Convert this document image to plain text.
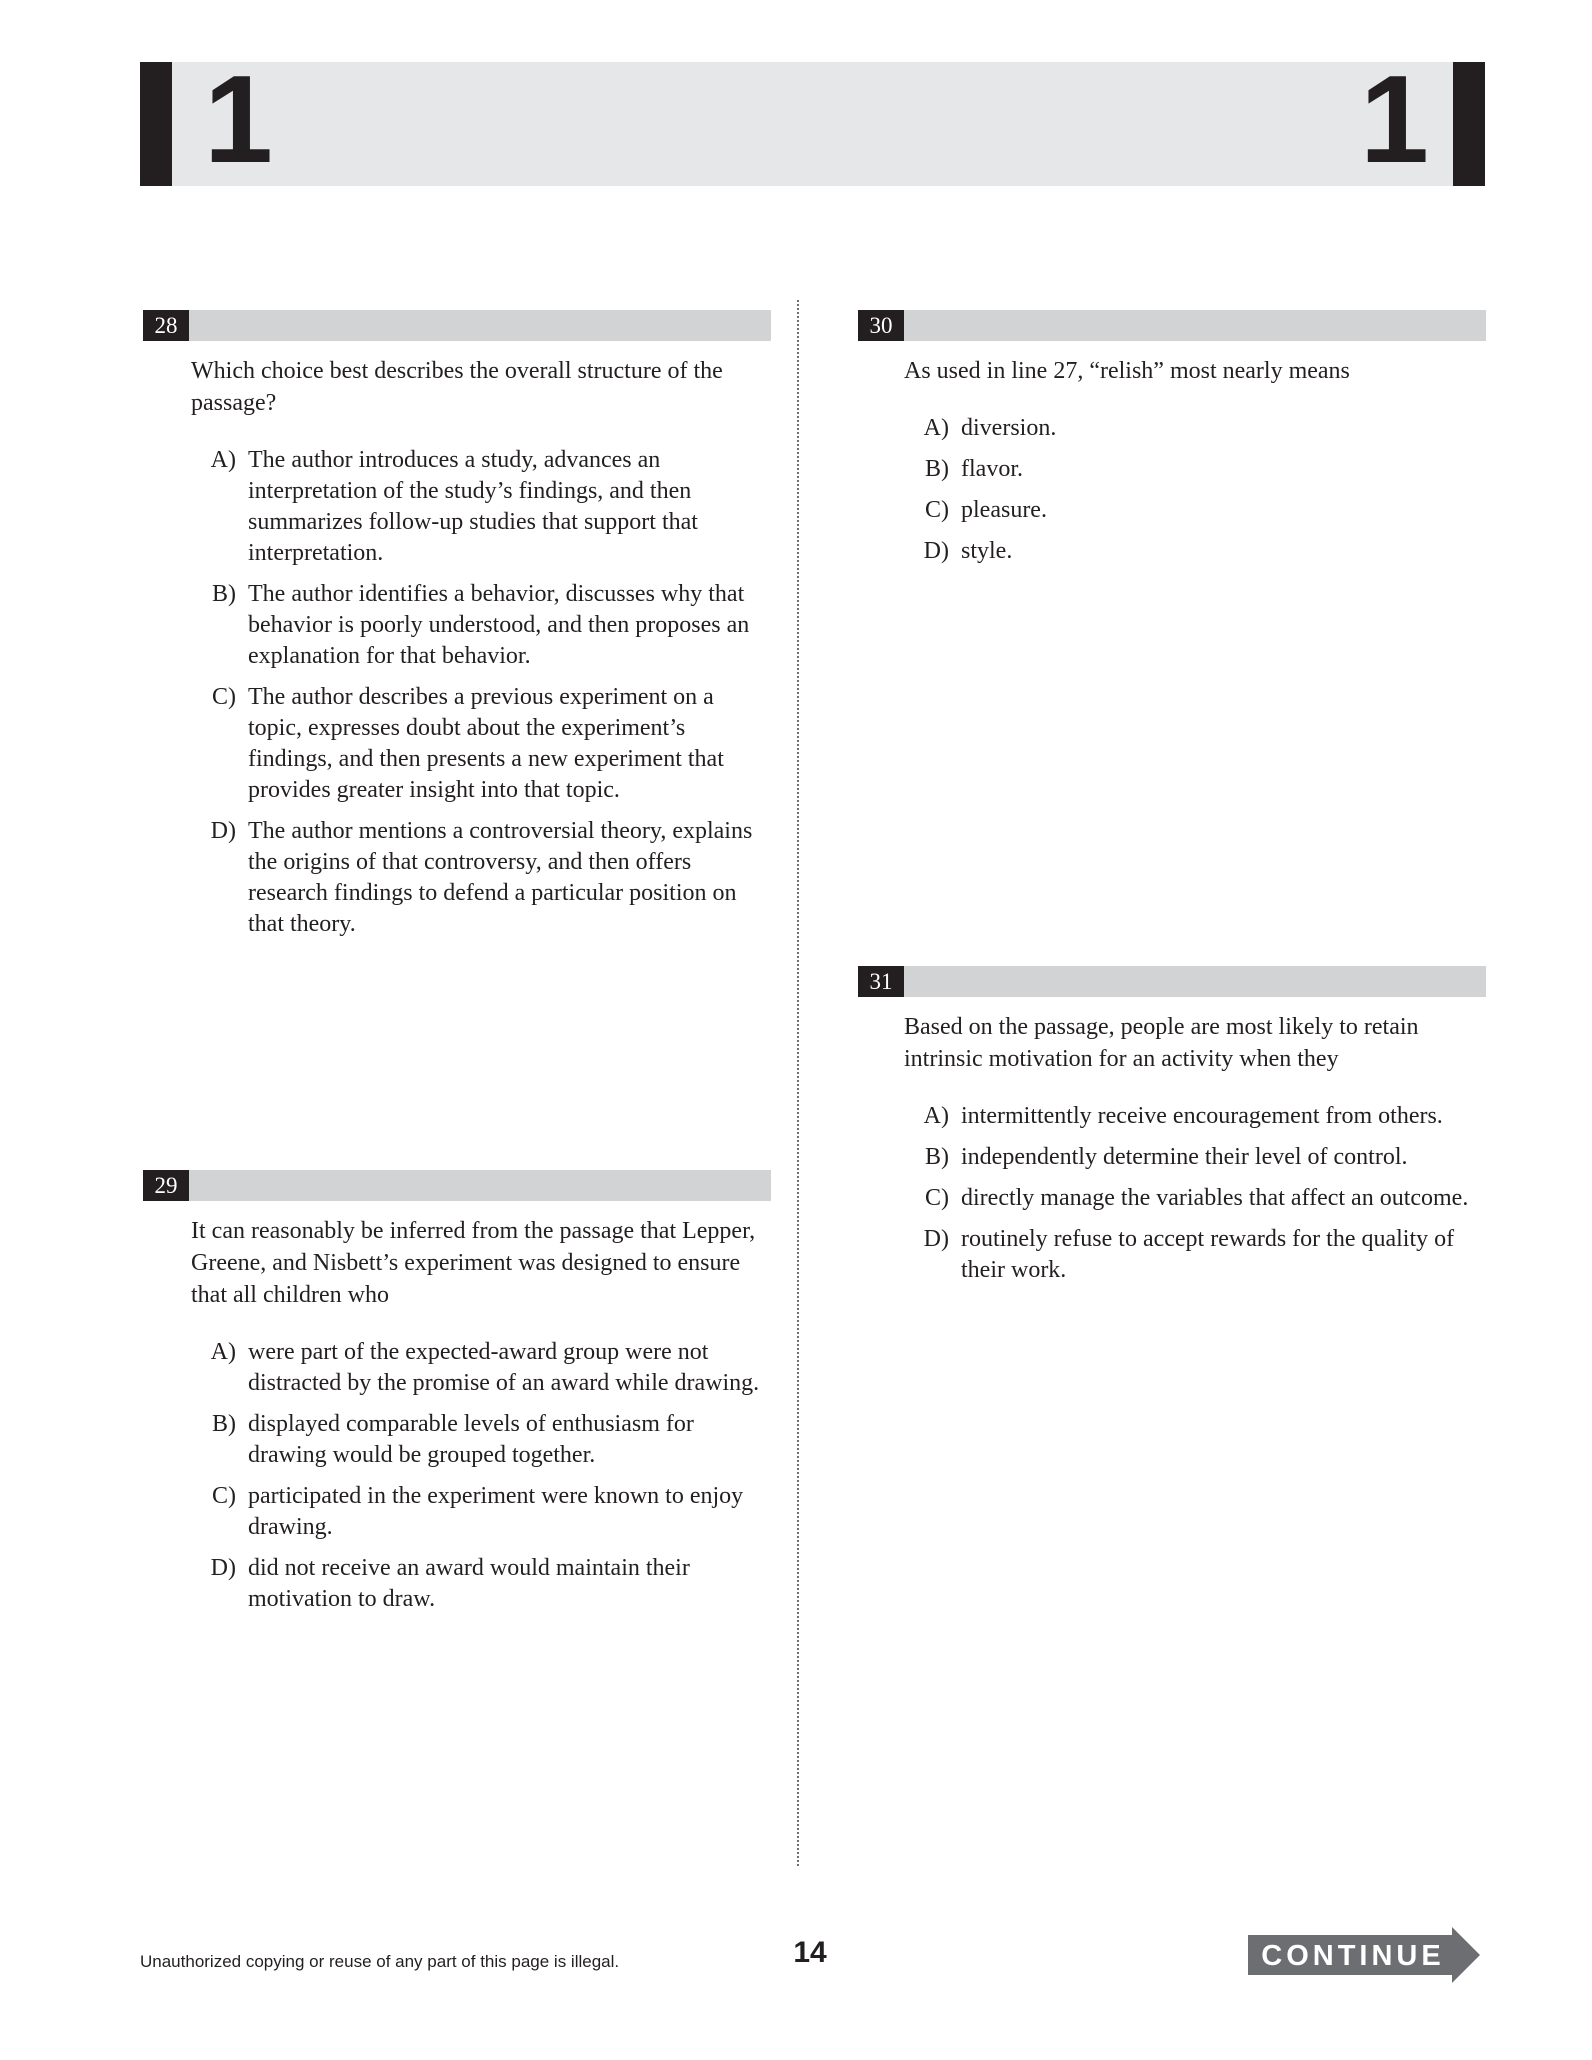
1	1
28
Which choice best describes the overall structure of the passage?
A) The author introduces a study, advances an interpretation of the study’s findings, and then summarizes follow-up studies that support that interpretation.
B) The author identifies a behavior, discusses why that behavior is poorly understood, and then proposes an explanation for that behavior.
C) The author describes a previous experiment on a topic, expresses doubt about the experiment’s findings, and then presents a new experiment that provides greater insight into that topic.
D) The author mentions a controversial theory, explains the origins of that controversy, and then offers research findings to defend a particular position on that theory.
29
It can reasonably be inferred from the passage that Lepper, Greene, and Nisbett’s experiment was designed to ensure that all children who
A) were part of the expected-award group were not distracted by the promise of an award while drawing.
B) displayed comparable levels of enthusiasm for drawing would be grouped together.
C) participated in the experiment were known to enjoy drawing.
D) did not receive an award would maintain their motivation to draw.
30
As used in line 27, “relish” most nearly means
A) diversion.
B) flavor.
C) pleasure.
D) style.
31
Based on the passage, people are most likely to retain intrinsic motivation for an activity when they
A) intermittently receive encouragement from others.
B) independently determine their level of control.
C) directly manage the variables that affect an outcome.
D) routinely refuse to accept rewards for the quality of their work.
Unauthorized copying or reuse of any part of this page is illegal.	14	CONTINUE
